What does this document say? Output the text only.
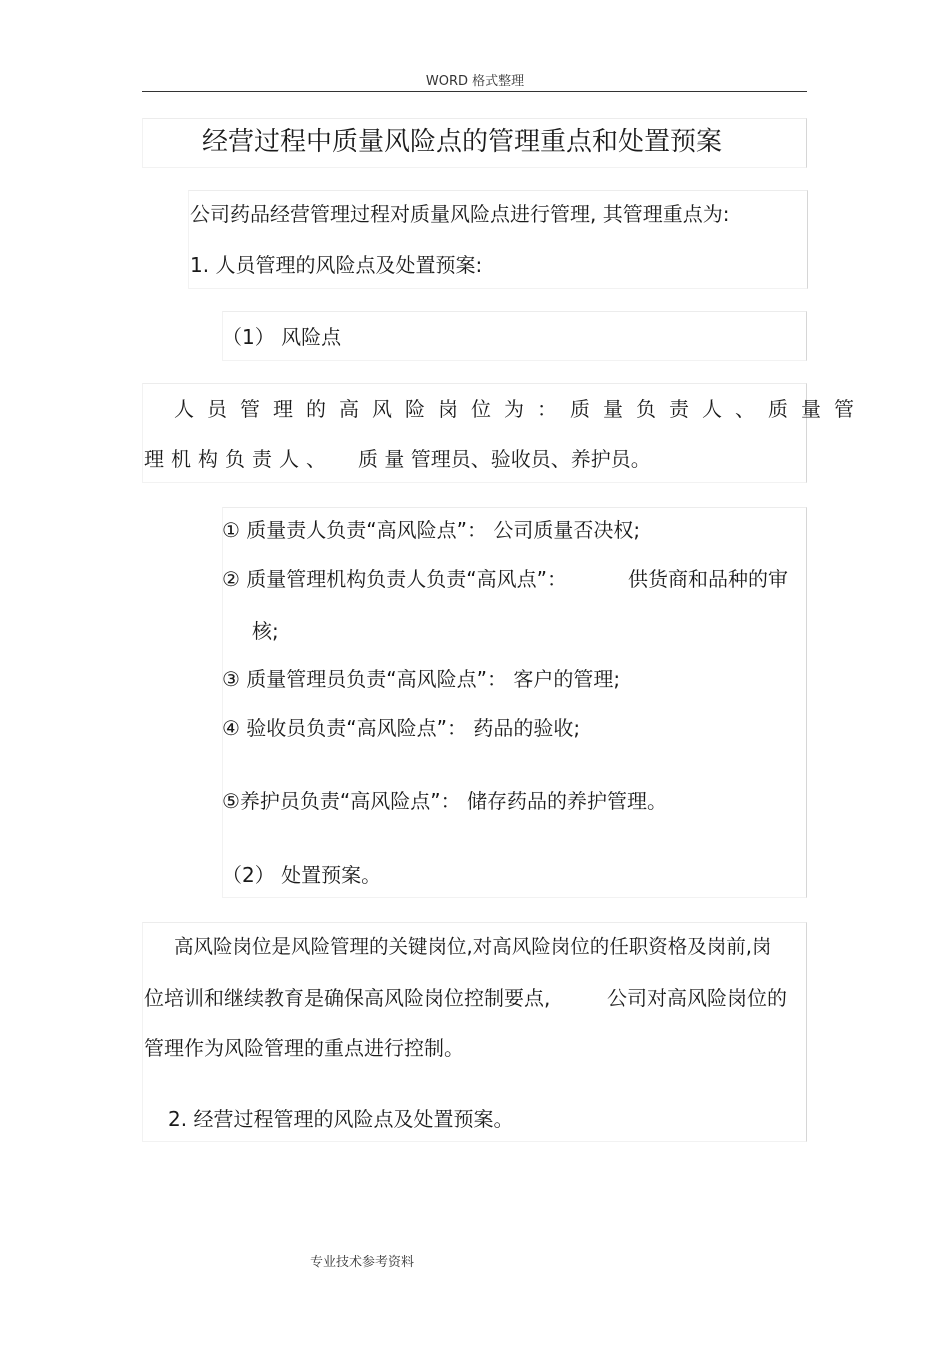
WORD 格式整理
经营过程中质量风险点的管理重点和处置预案
公司药品经营管理过程对质量风险点进行管理, 其管理重点为:
1. 人员管理的风险点及处置预案:
（1） 风险点
人员管理的高风险岗位为：质量负责人、质量管
理机构负责人、 质 量 管理员、验收员、养护员。
① 质量责人负责“高风险点”： 公司质量否决权;
② 质量管理机构负责人负责“高风点”：	供货商和品种的审
核;
③ 质量管理员负责“高风险点”： 客户的管理;
④ 验收员负责“高风险点”： 药品的验收;
⑤养护员负责“高风险点”： 储存药品的养护管理。
（2） 处置预案。
高风险岗位是风险管理的关键岗位,对高风险岗位的任职资格及岗前,岗
位培训和继续教育是确保高风险岗位控制要点,	公司对高风险岗位的
管理作为风险管理的重点进行控制。
2. 经营过程管理的风险点及处置预案。
专业技术参考资料
